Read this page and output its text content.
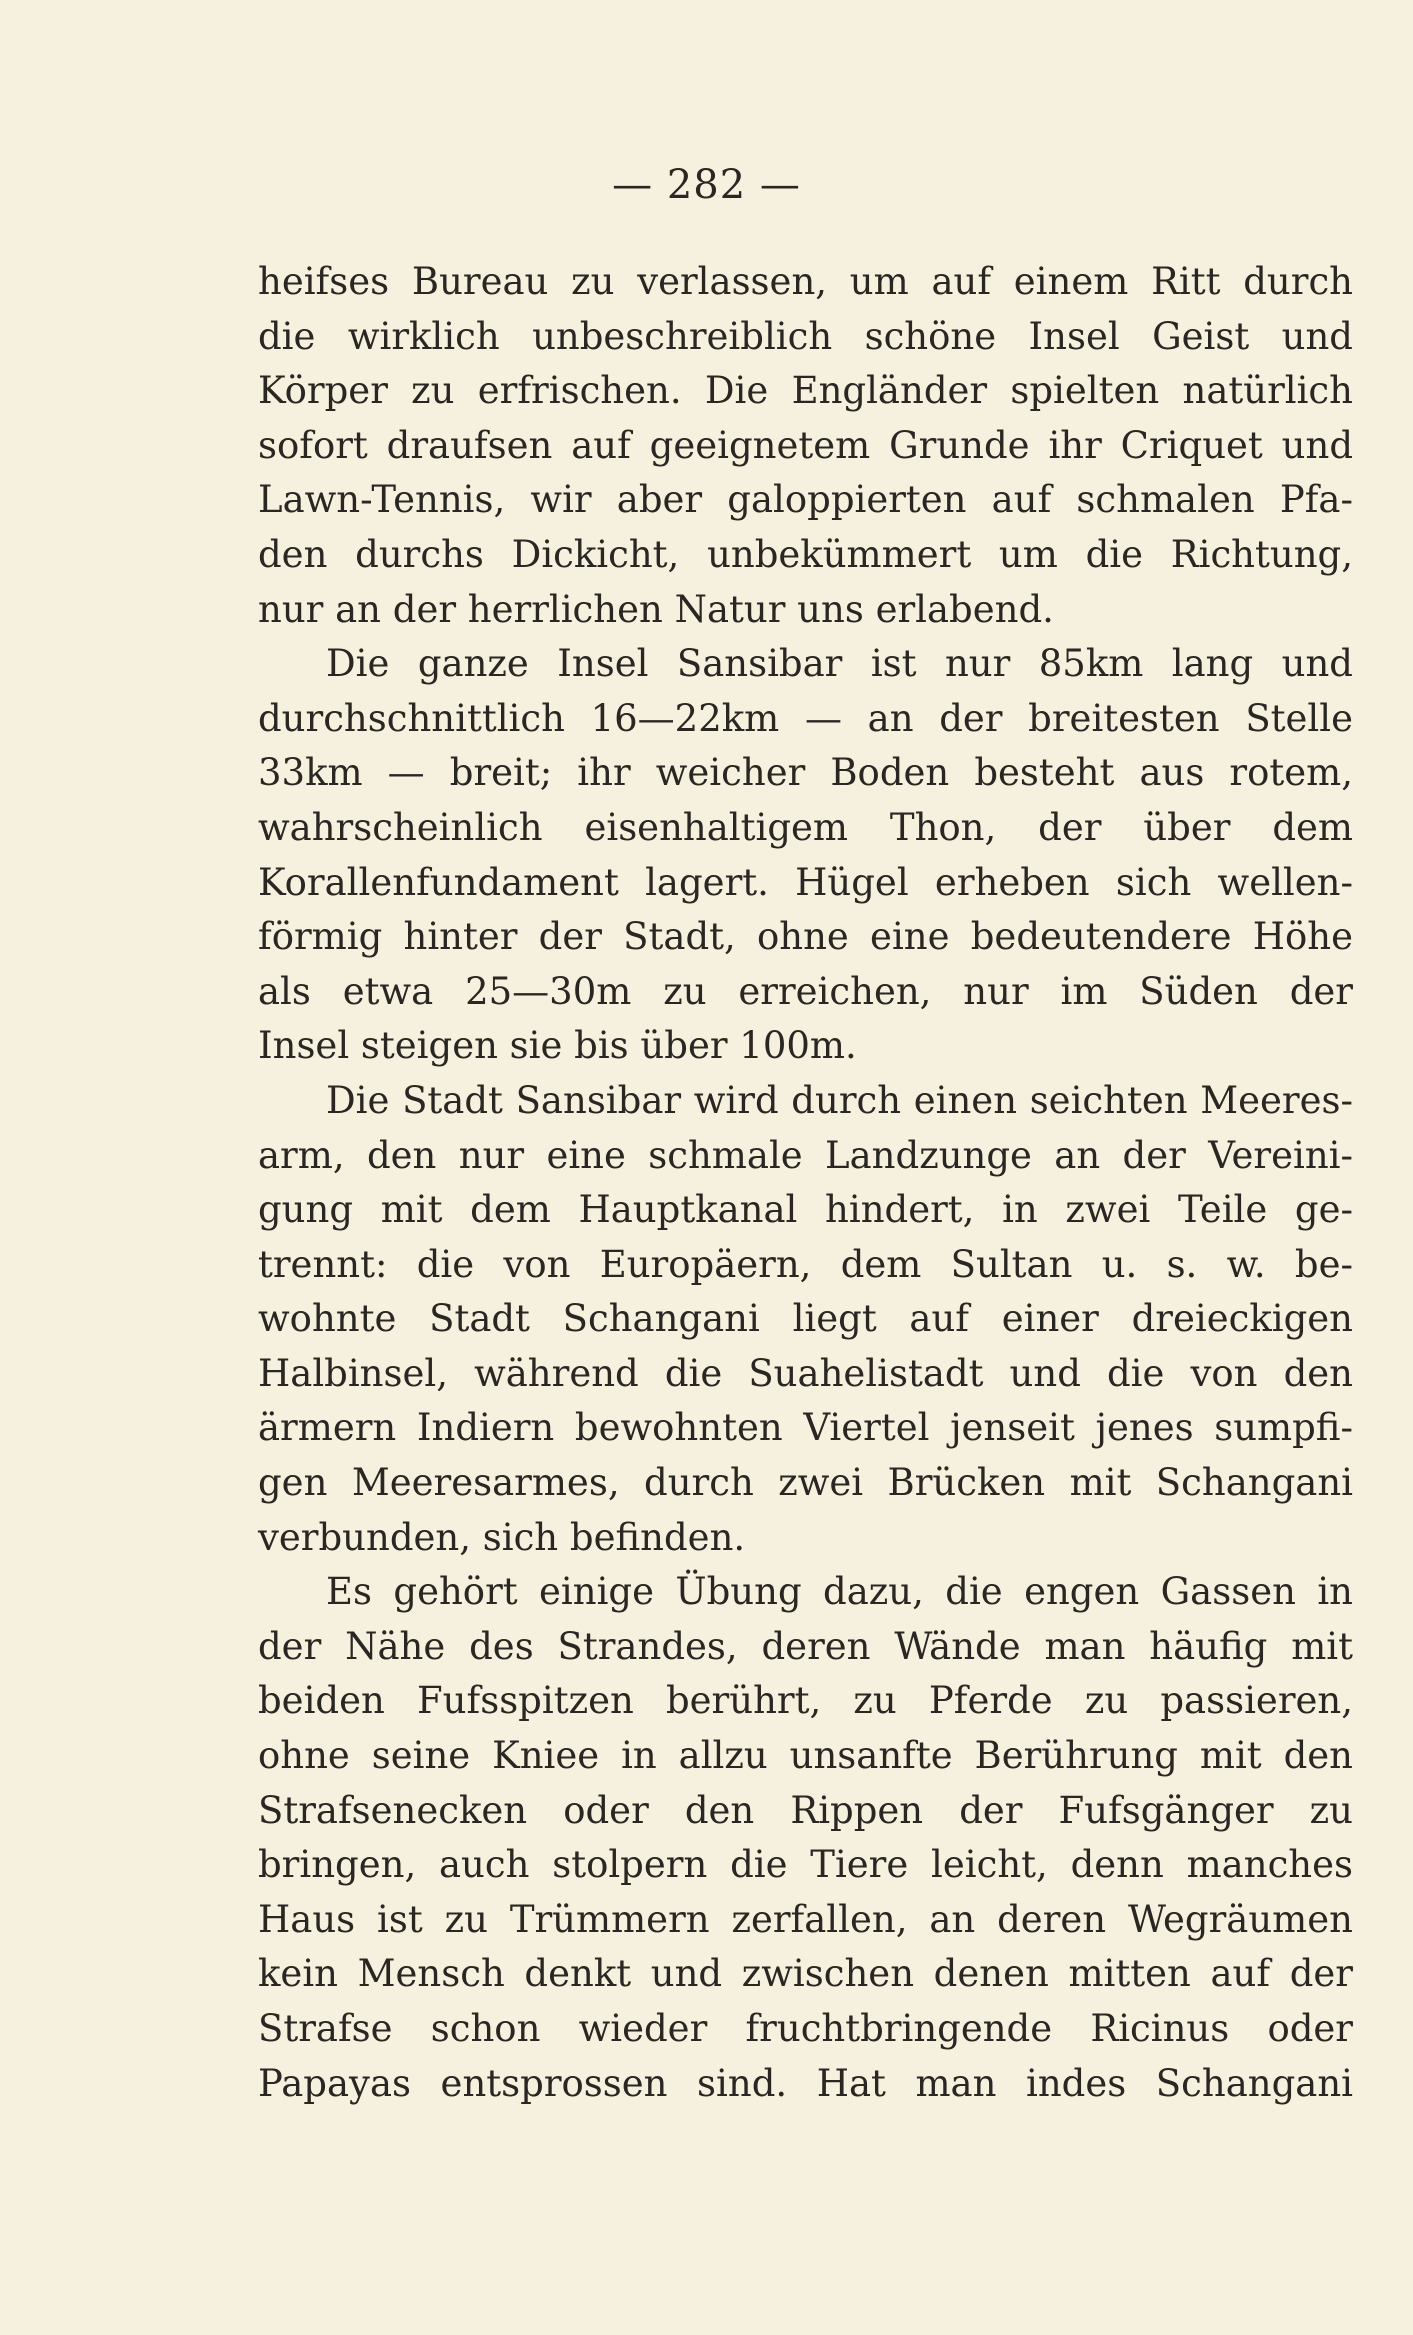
— 282 —
heifses Bureau zu verlassen, um auf einem Ritt durch
die wirklich unbeschreiblich schöne Insel Geist und
Körper zu erfrischen. Die Engländer spielten natürlich
sofort draufsen auf geeignetem Grunde ihr Criquet und
Lawn-Tennis, wir aber galoppierten auf schmalen Pfa-
den durchs Dickicht, unbekümmert um die Richtung,
nur an der herrlichen Natur uns erlabend.
Die ganze Insel Sansibar ist nur 85km lang und
durchschnittlich 16—22km — an der breitesten Stelle
33km — breit; ihr weicher Boden besteht aus rotem,
wahrscheinlich eisenhaltigem Thon, der über dem
Korallenfundament lagert. Hügel erheben sich wellen-
förmig hinter der Stadt, ohne eine bedeutendere Höhe
als etwa 25—30m zu erreichen, nur im Süden der
Insel steigen sie bis über 100m.
Die Stadt Sansibar wird durch einen seichten Meeres-
arm, den nur eine schmale Landzunge an der Vereini-
gung mit dem Hauptkanal hindert, in zwei Teile ge-
trennt: die von Europäern, dem Sultan u. s. w. be-
wohnte Stadt Schangani liegt auf einer dreieckigen
Halbinsel, während die Suahelistadt und die von den
ärmern Indiern bewohnten Viertel jenseit jenes sumpfi-
gen Meeresarmes, durch zwei Brücken mit Schangani
verbunden, sich befinden.
Es gehört einige Übung dazu, die engen Gassen in
der Nähe des Strandes, deren Wände man häufig mit
beiden Fufsspitzen berührt, zu Pferde zu passieren,
ohne seine Kniee in allzu unsanfte Berührung mit den
Strafsenecken oder den Rippen der Fufsgänger zu
bringen, auch stolpern die Tiere leicht, denn manches
Haus ist zu Trümmern zerfallen, an deren Wegräumen
kein Mensch denkt und zwischen denen mitten auf der
Strafse schon wieder fruchtbringende Ricinus oder
Papayas entsprossen sind. Hat man indes Schangani
